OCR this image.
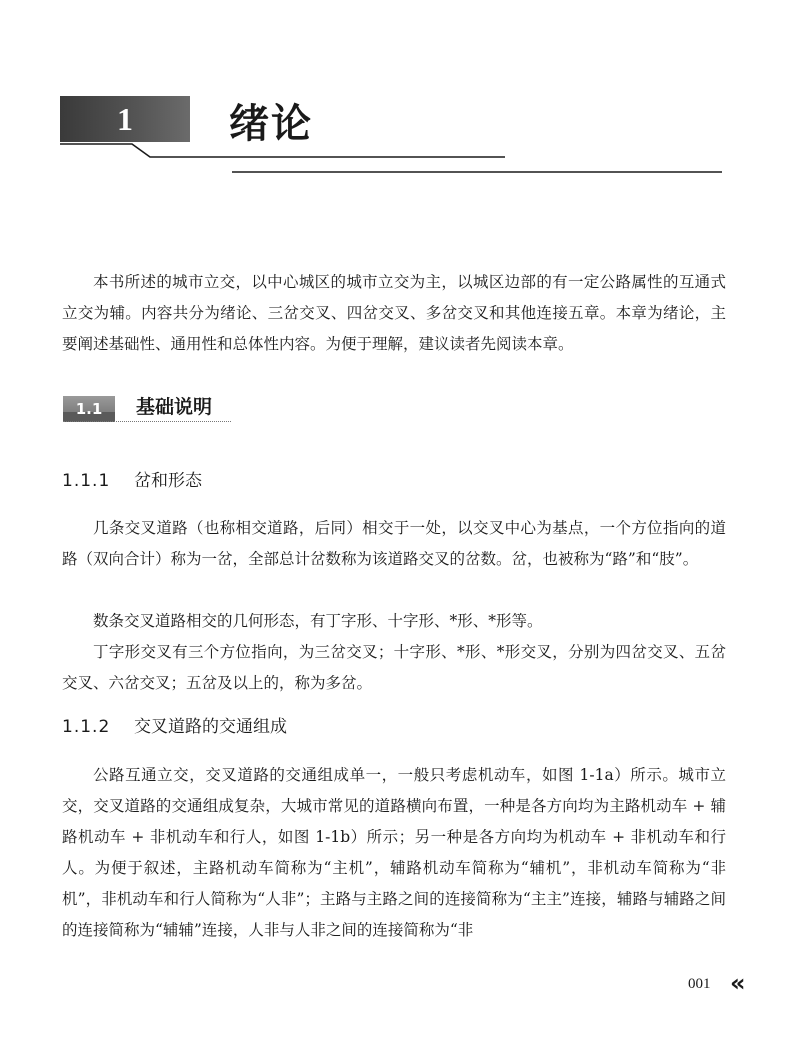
1	绪论

本书所述的城市立交，以中心城区的城市立交为主，以城区边部的有一定公路属性的互通式立交为辅。内容共分为绪论、三岔交叉、四岔交叉、多岔交叉和其他连接五章。本章为绪论，主要阐述基础性、通用性和总体性内容。为便于理解，建议读者先阅读本章。

1.1	基础说明
1.1.1 岔和形态

几条交叉道路（也称相交道路，后同）相交于一处，以交叉中心为基点，一个方位指向的道路（双向合计）称为一岔，全部总计岔数称为该道路交叉的岔数。岔，也被称为“路”和“肢”。

数条交叉道路相交的几何形态，有丁字形、十字形、*形、*形等。

丁字形交叉有三个方位指向，为三岔交叉；十字形、*形、*形交叉，分别为四岔交叉、五岔交叉、六岔交叉；五岔及以上的，称为多岔。

1.1.2 交叉道路的交通组成

公路互通立交，交叉道路的交通组成单一，一般只考虑机动车，如图 1-1a）所示。城市立交，交叉道路的交通组成复杂，大城市常见的道路横向布置，一种是各方向均为主路机动车 + 辅路机动车 + 非机动车和行人，如图 1-1b）所示；另一种是各方向均为机动车 + 非机动车和行人。为便于叙述，主路机动车简称为“主机”，辅路机动车简称为“辅机”，非机动车简称为“非机”，非机动车和行人简称为“人非”；主路与主路之间的连接简称为“主主”连接，辅路与辅路之间的连接简称为“辅辅”连接，人非与人非之间的连接简称为“非

001 «
